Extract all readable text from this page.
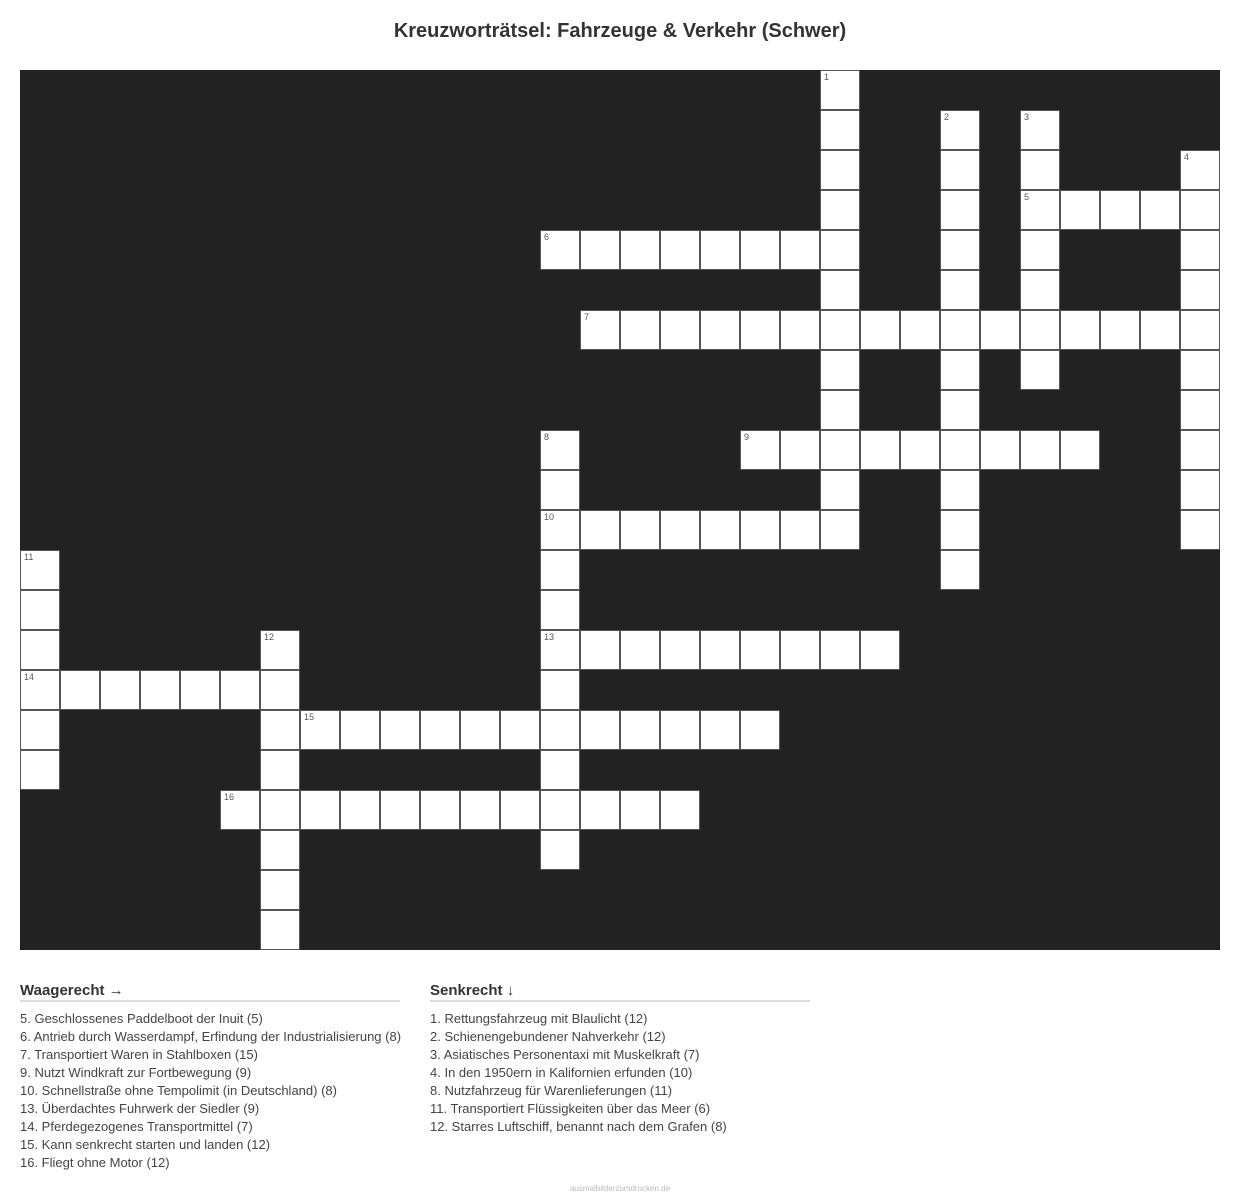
Kreuzworträtsel: Fahrzeuge & Verkehr (Schwer)
1
2	3
5
4
6
7
8
10
13
9
11
14
12
15
16
Waagerecht →
5. Geschlossenes Paddelboot der Inuit (5)
6. Antrieb durch Wasserdampf, Erfindung der Industrialisierung (8)
7. Transportiert Waren in Stahlboxen (15)
9. Nutzt Windkraft zur Fortbewegung (9)
10. Schnellstraße ohne Tempolimit (in Deutschland) (8)
13. Überdachtes Fuhrwerk der Siedler (9)
14. Pferdegezogenes Transportmittel (7)
15. Kann senkrecht starten und landen (12)
16. Fliegt ohne Motor (12)
Senkrecht ↓
1. Rettungsfahrzeug mit Blaulicht (12)
2. Schienengebundener Nahverkehr (12)
3. Asiatisches Personentaxi mit Muskelkraft (7)
4. In den 1950ern in Kalifornien erfunden (10)
8. Nutzfahrzeug für Warenlieferungen (11)
11. Transportiert Flüssigkeiten über das Meer (6)
12. Starres Luftschiff, benannt nach dem Grafen (8)
ausmalbilderzumdrucken.de
